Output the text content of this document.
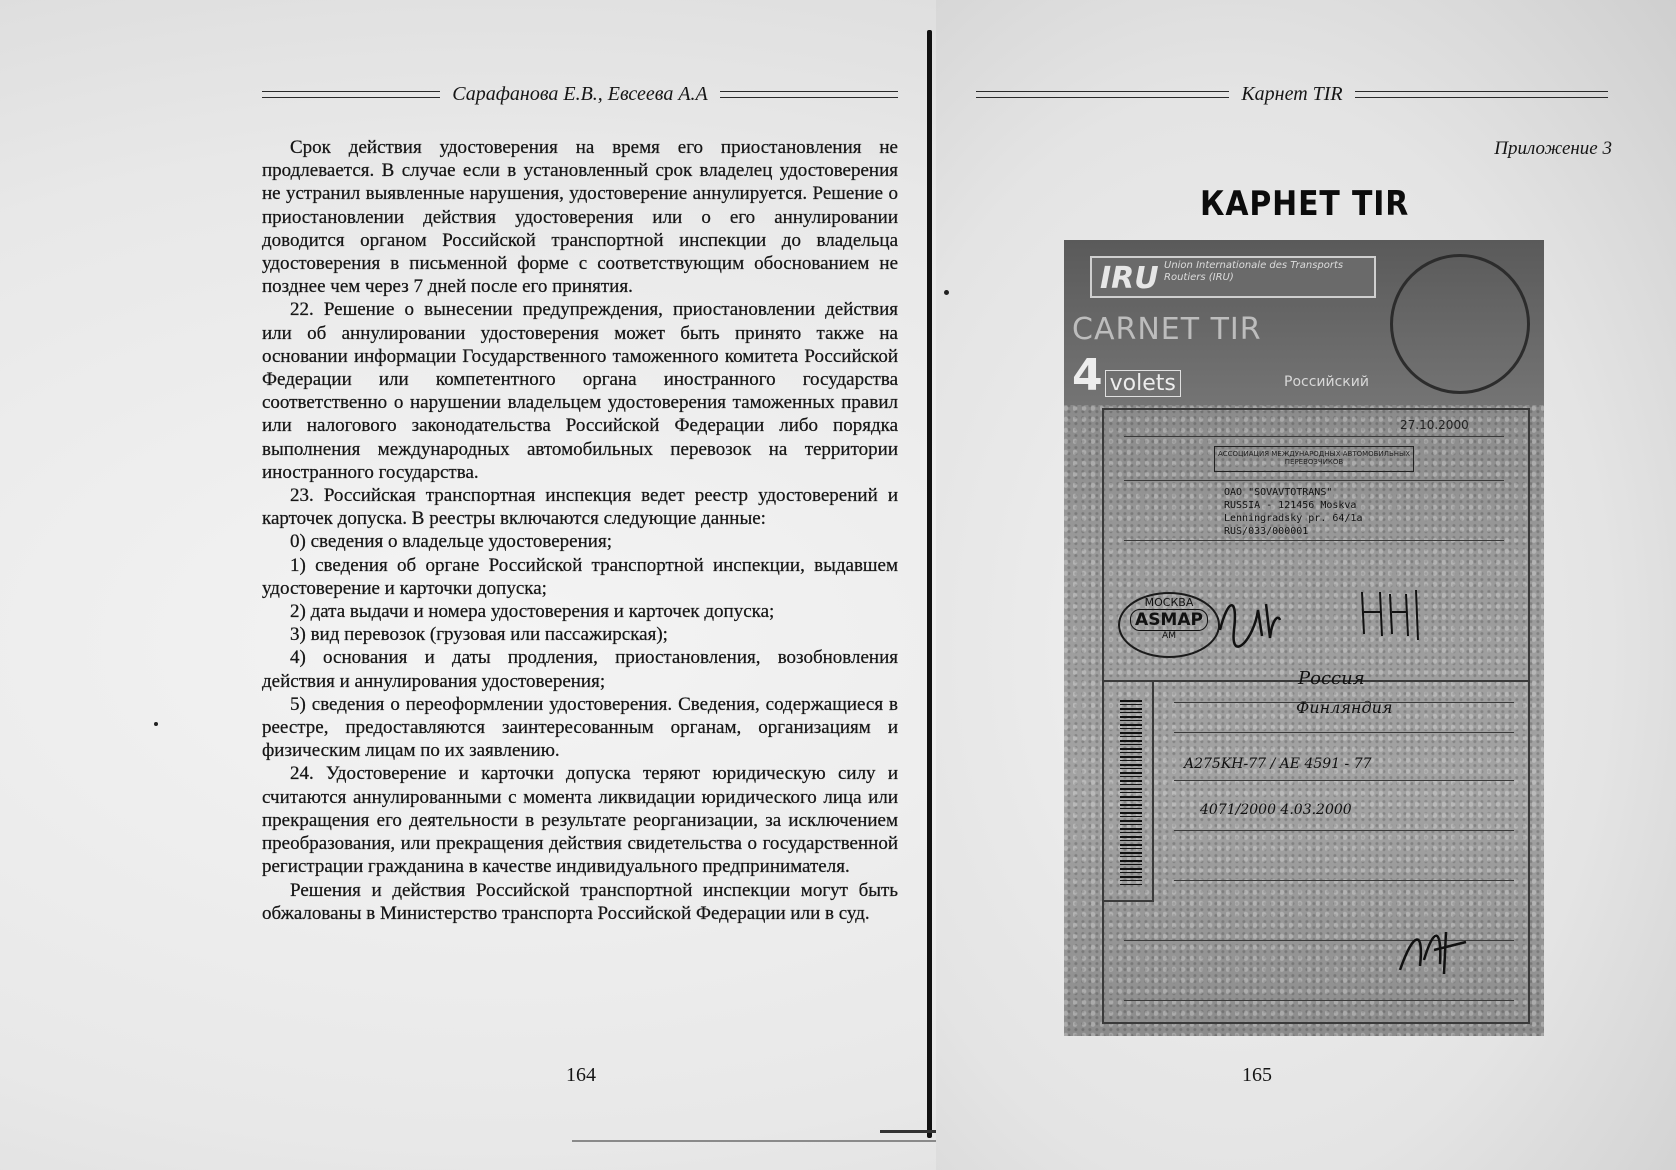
Сарафанова Е.В., Евсеева А.А

Срок действия удостоверения на время его приостановления не продлевается. В случае если в установленный срок владелец удостоверения не устранил выявленные нарушения, удостоверение аннулируется. Решение о приостановлении действия удостоверения или о его аннулировании доводится органом Российской транспортной инспекции до владельца удостоверения в письменной форме с соответствующим обоснованием не позднее чем через 7 дней после его принятия.

22. Решение о вынесении предупреждения, приостановлении действия или об аннулировании удостоверения может быть принято также на основании информации Государственного таможенного комитета Российской Федерации или компетентного органа иностранного государства соответственно о нарушении владельцем удостоверения таможенных правил или налогового законодательства Российской Федерации либо порядка выполнения международных автомобильных перевозок на территории иностранного государства.

23. Российская транспортная инспекция ведет реестр удостоверений и карточек допуска. В реестры включаются следующие данные:

0) сведения о владельце удостоверения;

1) сведения об органе Российской транспортной инспекции, выдавшем удостоверение и карточки допуска;

2) дата выдачи и номера удостоверения и карточек допуска;

3) вид перевозок (грузовая или пассажирская);

4) основания и даты продления, приостановления, возобновления действия и аннулирования удостоверения;

5) сведения о переоформлении удостоверения. Сведения, содержащиеся в реестре, предоставляются заинтересованным органам, организациям и физическим лицам по их заявлению.

24. Удостоверение и карточки допуска теряют юридическую силу и считаются аннулированными с момента ликвидации юридического лица или прекращения его деятельности в результате реорганизации, за исключением преобразования, или прекращения действия свидетельства о государственной регистрации гражданина в качестве индивидуального предпринимателя.

Решения и действия Российской транспортной инспекции могут быть обжалованы в Министерство транспорта Российской Федерации или в суд.

164
Карнет TIR
Приложение 3
КАРНЕТ TIR
IRU Union Internationale des Transports Routiers (IRU)
CARNET TIR
4 volets	Российский
27.10.2000
АССОЦИАЦИЯ МЕЖДУНАРОДНЫХ АВТОМОБИЛЬНЫХ ПЕРЕВОЗЧИКОВ
OAO "SOVAVTOTRANS"
RUSSIA - 121456 Moskva
Lenningradsky pr. 64/1a
RUS/033/000001
МОСКВА
ASMAP
АМ
Россия
Финляндия
A275KH-77 / AE 4591 - 77
4071/2000 4.03.2000
165
